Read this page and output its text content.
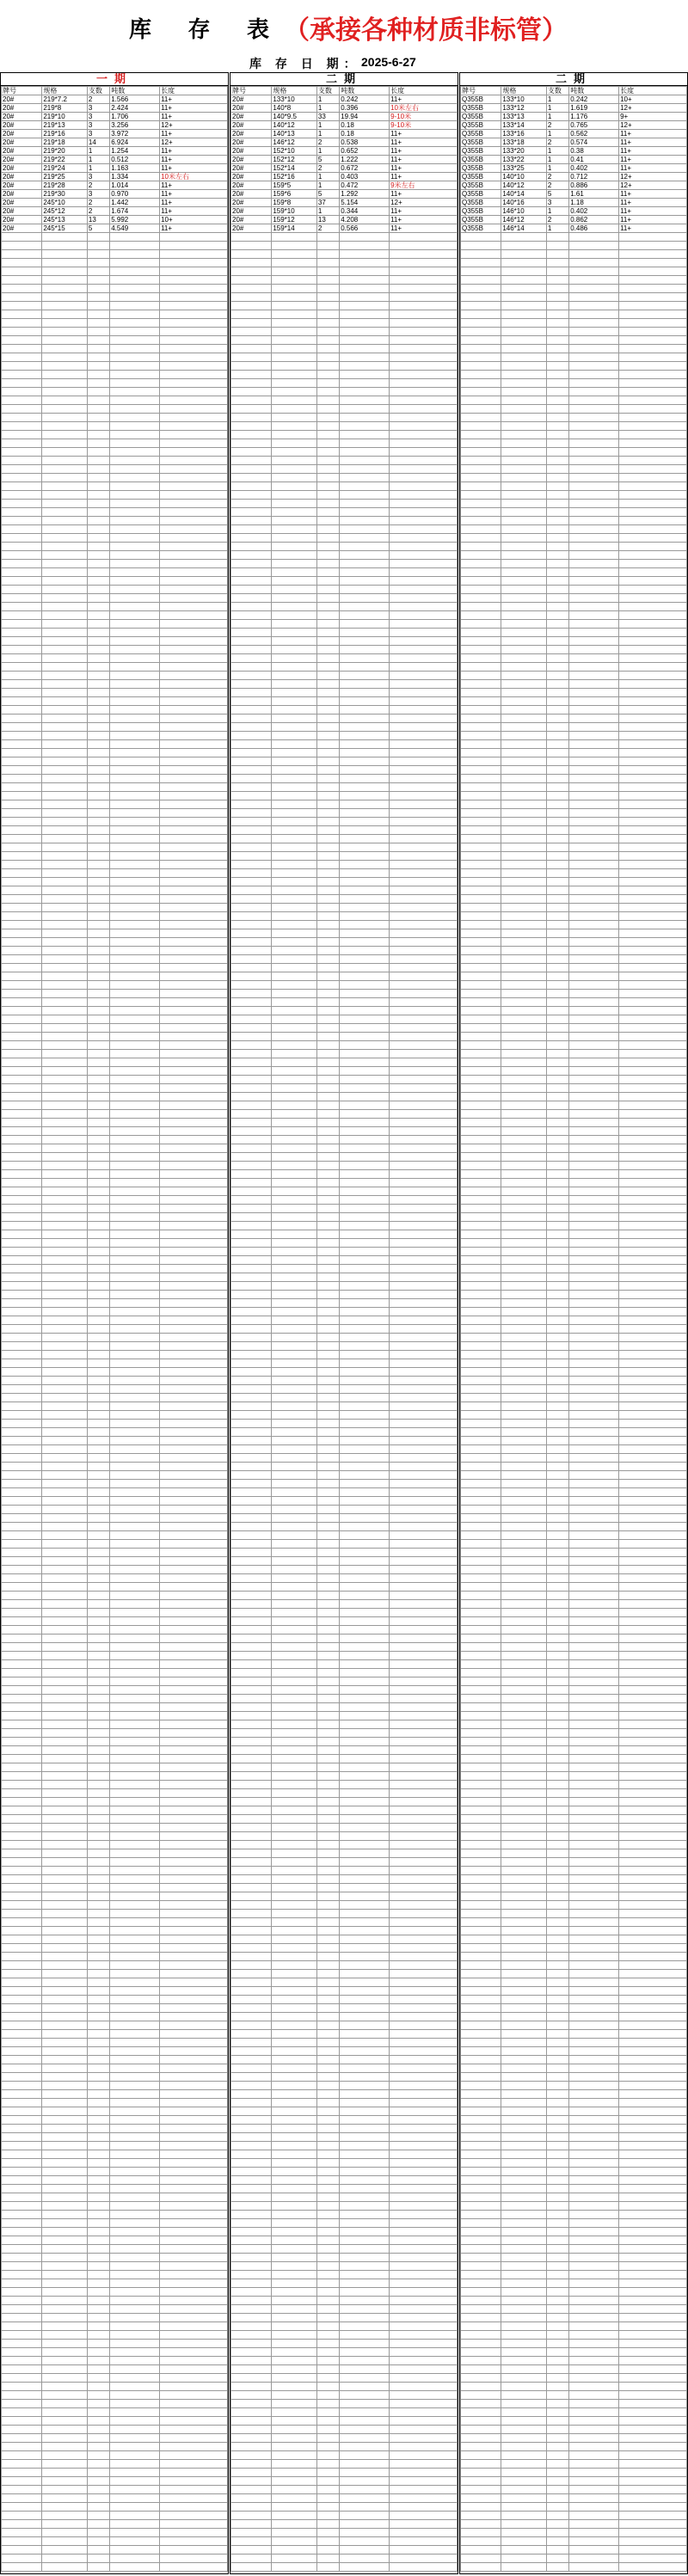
库 存 表
（承接各种材质非标管）
库 存 日 期： 2025-6-27
一期
牌号	规格	支数	吨数	长度
20#	219*7.2	2	1.566	11+
20#	219*8	3	2.424	11+
20#	219*10	3	1.706	11+
20#	219*13	3	3.256	12+
20#	219*16	3	3.972	11+
20#	219*18	14	6.924	12+
20#	219*20	1	1.254	11+
20#	219*22	1	0.512	11+
20#	219*24	1	1.163	11+
20#	219*25	3	1.334	10米左右
20#	219*28	2	1.014	11+
20#	219*30	3	0.970	11+
20#	245*10	2	1.442	11+
20#	245*12	2	1.674	11+
20#	245*13	13	5.992	10+
20#	245*15	5	4.549	11+

二期
牌号	规格	支数	吨数	长度
20#	133*10	1	0.242	11+
20#	140*8	1	0.396	10米左右
20#	140*9.5	33	19.94	9-10米
20#	140*12	1	0.18	9-10米
20#	140*13	1	0.18	11+
20#	146*12	2	0.538	11+
20#	152*10	1	0.652	11+
20#	152*12	5	1.222	11+
20#	152*14	2	0.672	11+
20#	152*16	1	0.403	11+
20#	159*5	1	0.472	9米左右
20#	159*6	5	1.292	11+
20#	159*8	37	5.154	12+
20#	159*10	1	0.344	11+
20#	159*12	13	4.208	11+
20#	159*14	2	0.566	11+

二期
牌号	规格	支数	吨数	长度
Q355B	133*10	1	0.242	10+
Q355B	133*12	1	1.619	12+
Q355B	133*13	1	1.176	9+
Q355B	133*14	2	0.765	12+
Q355B	133*16	1	0.562	11+
Q355B	133*18	2	0.574	11+
Q355B	133*20	1	0.38	11+
Q355B	133*22	1	0.41	11+
Q355B	133*25	1	0.402	11+
Q355B	140*10	2	0.712	12+
Q355B	140*12	2	0.886	12+
Q355B	140*14	5	1.61	11+
Q355B	140*16	3	1.18	11+
Q355B	146*10	1	0.402	11+
Q355B	146*12	2	0.862	11+
Q355B	146*14	1	0.486	11+
